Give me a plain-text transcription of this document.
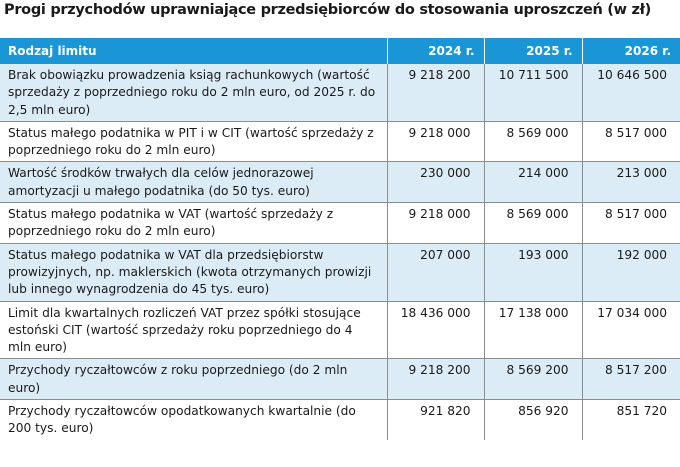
Progi przychodów uprawniające przedsiębiorców do stosowania uproszczeń (w zł)
Rodzaj limitu	2024 r.	2025 r.	2026 r.
Brak obowiązku prowadzenia ksiąg rachunkowych (wartość sprzedaży z poprzedniego roku do 2 mln euro, od 2025 r. do 2,5 mln euro)	9 218 200	10 711 500	10 646 500
Status małego podatnika w PIT i w CIT (wartość sprzedaży z poprzedniego roku do 2 mln euro)	9 218 000	8 569 000	8 517 000
Wartość środków trwałych dla celów jednorazowej amortyzacji u małego podatnika (do 50 tys. euro)	230 000	214 000	213 000
Status małego podatnika w VAT (wartość sprzedaży z poprzedniego roku do 2 mln euro)	9 218 000	8 569 000	8 517 000
Status małego podatnika w VAT dla przedsiębiorstw prowizyjnych, np. maklerskich (kwota otrzymanych prowizji lub innego wynagrodzenia do 45 tys. euro)	207 000	193 000	192 000
Limit dla kwartalnych rozliczeń VAT przez spółki stosujące estoński CIT (wartość sprzedaży roku poprzedniego do 4 mln euro)	18 436 000	17 138 000	17 034 000
Przychody ryczałtowców z roku poprzedniego (do 2 mln euro)	9 218 200	8 569 200	8 517 200
Przychody ryczałtowców opodatkowanych kwartalnie (do 200 tys. euro)	921 820	856 920	851 720
